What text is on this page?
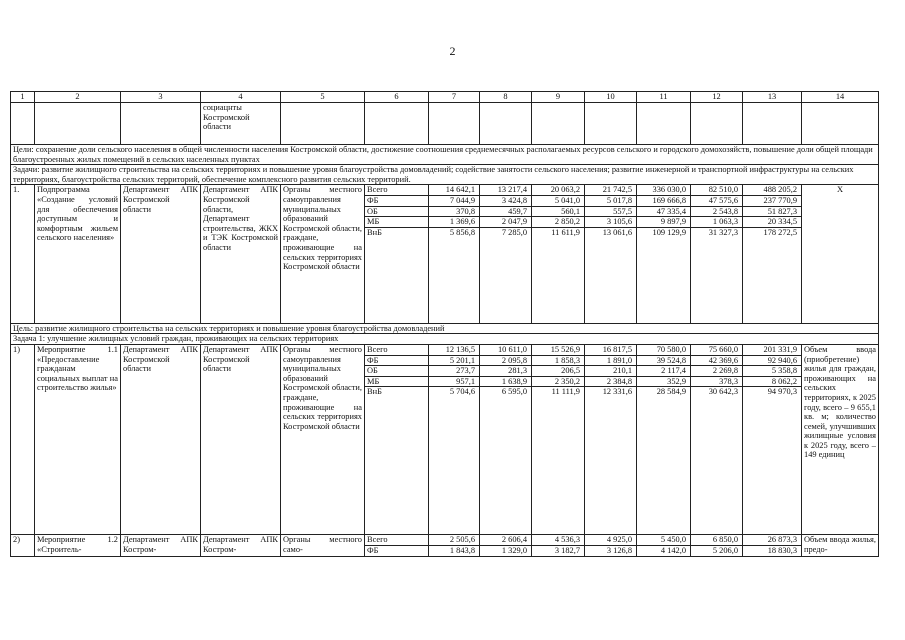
2
1	2	3	4	5	6	7	8	9	10	11	12	13	14
			социацнты Костромской области										
Цели: сохранение доли сельского населения в общей численности населения Костромской области, достижение соотношения среднемесячных располагаемых ресурсов сельского и городского домохозяйств, повышение доли общей площади благоустроенных жилых помещений в сельских населенных пунктах													
Задачи: развитие жилищного строительства на сельских территориях и повышение уровня благоустройства домовладений; содействие занятости сельского населения; развитие инженерной и транспортной инфраструктуры на сельских территориях, благоустройства сельских территорий, обеспечение комплексного развития сельских территорий.													
1.	Подпрограмма «Создание условий для обеспечения доступным и комфортным жильем сельского населения»	Департамент АПК Костромской области	Департамент АПК Костромской области, Департамент строительства, ЖКХ и ТЭК Костромской области	Органы местного самоуправления муниципальных образований Костромской области, граждане, проживающие на сельских территориях Костромской области	Всего	14 642,1	13 217,4	20 063,2	21 742,5	336 030,0	82 510,0	488 205,2	Х
					ФБ	7 044,9	3 424,8	5 041,0	5 017,8	169 666,8	47 575,6	237 770,9	
					ОБ	370,8	459,7	560,1	557,5	47 335,4	2 543,8	51 827,3	
					МБ	1 369,6	2 047,9	2 850,2	3 105,6	9 897,9	1 063,3	20 334,5	
					ВнБ	5 856,8	7 285,0	11 611,9	13 061,6	109 129,9	31 327,3	178 272,5	
Цель: развитие жилищного строительства на сельских территориях и повышение уровня благоустройства домовладений													
Задача 1: улучшение жилищных условий граждан, проживающих на сельских территориях													
1)	Мероприятие 1.1 «Предоставление гражданам социальных выплат на строительство жилья»	Департамент АПК Костромской области	Департамент АПК Костромской области	Органы местного самоуправления муниципальных образований Костромской области, граждане, проживающие на сельских территориях Костромской области	Всего	12 136,5	10 611,0	15 526,9	16 817,5	70 580,0	75 660,0	201 331,9	Объем ввода (приобретение) жилья для граждан, проживающих на сельских территориях, к 2025 году, всего – 9 655,1 кв. м; количество семей, улучшивших жилищные условия к 2025 году, всего – 149 единиц
					ФБ	5 201,1	2 095,8	1 858,3	1 891,0	39 524,8	42 369,6	92 940,6	
					ОБ	273,7	281,3	206,5	210,1	2 117,4	2 269,8	5 358,8	
					МБ	957,1	1 638,9	2 350,2	2 384,8	352,9	378,3	8 062,2	
					ВнБ	5 704,6	6 595,0	11 111,9	12 331,6	28 584,9	30 642,3	94 970,3	
2)	Мероприятие 1.2 «Строитель-	Департамент АПК Костром-	Департамент АПК Костром-	Органы местного само-	Всего	2 505,6	2 606,4	4 536,3	4 925,0	5 450,0	6 850,0	26 873,3	Объем ввода жилья, предо-
					ФБ	1 843,8	1 329,0	3 182,7	3 126,8	4 142,0	5 206,0	18 830,3	
